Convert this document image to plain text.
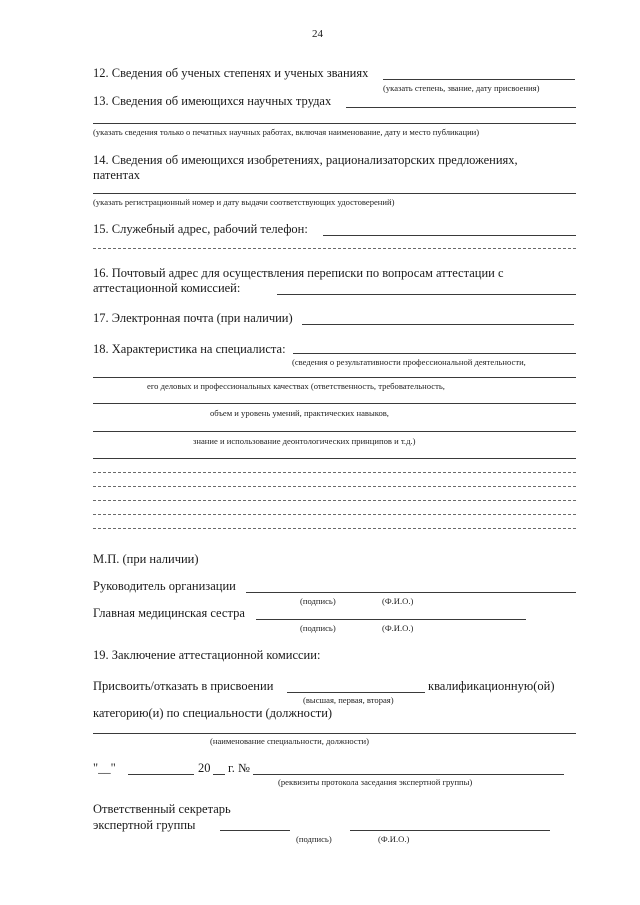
24
12. Сведения об ученых степенях и ученых званиях
(указать степень, звание, дату присвоения)
13. Сведения об имеющихся научных трудах
(указать сведения только о печатных научных работах, включая наименование, дату и место публикации)
14. Сведения об имеющихся изобретениях, рационализаторских предложениях,
патентах
(указать регистрационный номер и дату выдачи соответствующих удостоверений)
15. Служебный адрес, рабочий телефон:
16. Почтовый адрес для осуществления переписки по вопросам аттестации с
аттестационной комиссией:
17. Электронная почта (при наличии)
18. Характеристика на специалиста:
(сведения о результативности профессиональной деятельности,
его деловых и профессиональных качествах (ответственность, требовательность,
объем и уровень умений, практических навыков,
знание и использование деонтологических принципов и т.д.)
М.П. (при наличии)
Руководитель организации
(подпись)	(Ф.И.О.)
Главная медицинская сестра
(подпись)	(Ф.И.О.)
19. Заключение аттестационной комиссии:
Присвоить/отказать в присвоении	квалификационную(ой)
(высшая, первая, вторая)
категорию(и) по специальности (должности)
(наименование специальности, должности)
"__"	20 г. №
(реквизиты протокола заседания экспертной группы)
Ответственный секретарь
экспертной группы
(подпись)	(Ф.И.О.)
